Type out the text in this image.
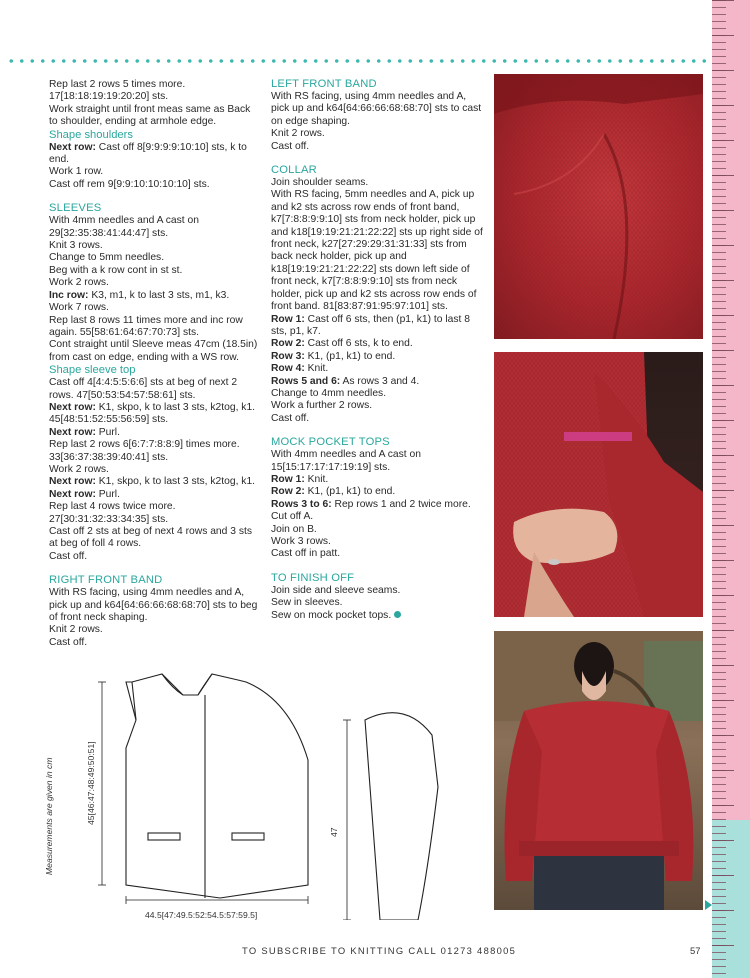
Rep last 2 rows 5 times more.

17[18:18:19:19:20:20] sts.

Work straight until front meas same as Back to shoulder, ending at armhole edge.

Shape shoulders

Next row: Cast off 8[9:9:9:9:10:10] sts, k to end.

Work 1 row.

Cast off rem 9[9:9:10:10:10:10] sts.

SLEEVES

With 4mm needles and A cast on 29[32:35:38:41:44:47] sts.

Knit 3 rows.

Change to 5mm needles.

Beg with a k row cont in st st.

Work 2 rows.

Inc row: K3, m1, k to last 3 sts, m1, k3.

Work 7 rows.

Rep last 8 rows 11 times more and inc row again. 55[58:61:64:67:70:73] sts.

Cont straight until Sleeve meas 47cm (18.5in) from cast on edge, ending with a WS row.

Shape sleeve top

Cast off 4[4:4:5:5:6:6] sts at beg of next 2 rows. 47[50:53:54:57:58:61] sts.

Next row: K1, skpo, k to last 3 sts, k2tog, k1. 45[48:51:52:55:56:59] sts.

Next row: Purl.

Rep last 2 rows 6[6:7:7:8:8:9] times more. 33[36:37:38:39:40:41] sts.

Work 2 rows.

Next row: K1, skpo, k to last 3 sts, k2tog, k1.

Next row: Purl.

Rep last 4 rows twice more. 27[30:31:32:33:34:35] sts.

Cast off 2 sts at beg of next 4 rows and 3 sts at beg of foll 4 rows.

Cast off.

RIGHT FRONT BAND

With RS facing, using 4mm needles and A, pick up and k64[64:66:66:68:68:70] sts to beg of front neck shaping.

Knit 2 rows.

Cast off.

LEFT FRONT BAND

With RS facing, using 4mm needles and A, pick up and k64[64:66:66:68:68:70] sts to cast on edge shaping.

Knit 2 rows.

Cast off.

COLLAR

Join shoulder seams.

With RS facing, 5mm needles and A, pick up and k2 sts across row ends of front band, k7[7:8:8:9:9:10] sts from neck holder, pick up and k18[19:19:21:21:22:22] sts up right side of front neck, k27[27:29:29:31:31:33] sts from back neck holder, pick up and k18[19:19:21:21:22:22] sts down left side of front neck, k7[7:8:8:9:9:10] sts from neck holder, pick up and k2 sts across row ends of front band. 81[83:87:91:95:97:101] sts.

Row 1: Cast off 6 sts, then (p1, k1) to last 8 sts, p1, k7.

Row 2: Cast off 6 sts, k to end.

Row 3: K1, (p1, k1) to end.

Row 4: Knit.

Rows 5 and 6: As rows 3 and 4.

Change to 4mm needles.

Work a further 2 rows.

Cast off.

MOCK POCKET TOPS

With 4mm needles and A cast on 15[15:17:17:17:19:19] sts.

Row 1: Knit.

Row 2: K1, (p1, k1) to end.

Rows 3 to 6: Rep rows 1 and 2 twice more.

Cut off A.

Join on B.

Work 3 rows.

Cast off in patt.

TO FINISH OFF

Join side and sleeve seams.

Sew in sleeves.

Sew on mock pocket tops.

Measurements are given in cm	45[46:47:48:49:50:51]
44.5[47:49.5:52:54.5:57:59.5]
47
TO SUBSCRIBE TO KNITTING CALL 01273 488005	57
